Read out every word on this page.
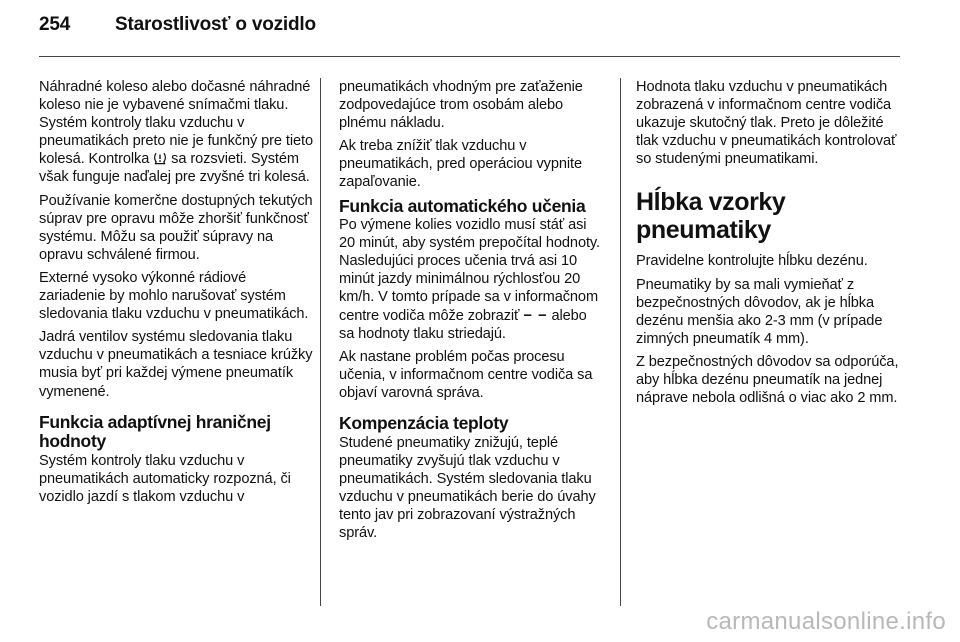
254 Starostlivosť o vozidlo

Náhradné koleso alebo dočasné náhradné koleso nie je vybavené snímačmi tlaku. Systém kontroly tlaku vzduchu v pneumatikách preto nie je funkčný pre tieto kolesá. Kontrolka
sa rozsvieti. Systém však funguje naďalej pre zvyšné tri kolesá.

Používanie komerčne dostupných tekutých súprav pre opravu môže zhoršiť funkčnosť systému. Môžu sa použiť súpravy na opravu schválené firmou.

Externé vysoko výkonné rádiové zariadenie by mohlo narušovať systém sledovania tlaku vzduchu v pneumatikách.

Jadrá ventilov systému sledovania tlaku vzduchu v pneumatikách a tesniace krúžky musia byť pri každej výmene pneumatík vymenené.

Funkcia adaptívnej hraničnej hodnoty

Systém kontroly tlaku vzduchu v pneumatikách automaticky rozpozná, či vozidlo jazdí s tlakom vzduchu v

pneumatikách vhodným pre zaťaženie zodpovedajúce trom osobám alebo plnému nákladu.

Ak treba znížiť tlak vzduchu v pneumatikách, pred operáciou vypnite zapaľovanie.

Funkcia automatického učenia

Po výmene kolies vozidlo musí stáť asi 20 minút, aby systém prepočítal hodnoty. Nasledujúci proces učenia trvá asi 10 minút jazdy minimálnou rýchlosťou 20 km/h. V tomto prípade sa v informačnom centre vodiča môže zobraziť − − alebo sa hodnoty tlaku striedajú.

Ak nastane problém počas procesu učenia, v informačnom centre vodiča sa objaví varovná správa.

Kompenzácia teploty

Studené pneumatiky znižujú, teplé pneumatiky zvyšujú tlak vzduchu v pneumatikách. Systém sledovania tlaku vzduchu v pneumatikách berie do úvahy tento jav pri zobrazovaní výstražných správ.

Hodnota tlaku vzduchu v pneumatikách zobrazená v informačnom centre vodiča ukazuje skutočný tlak. Preto je dôležité tlak vzduchu v pneumatikách kontrolovať so studenými pneumatikami.

Hĺbka vzorky pneumatiky

Pravidelne kontrolujte hĺbku dezénu.

Pneumatiky by sa mali vymieňať z bezpečnostných dôvodov, ak je hĺbka dezénu menšia ako 2-3 mm (v prípade zimných pneumatík 4 mm).

Z bezpečnostných dôvodov sa odporúča, aby hĺbka dezénu pneumatík na jednej nápravе nebola odlišná o viac ako 2 mm.

carmanualsonline.info
